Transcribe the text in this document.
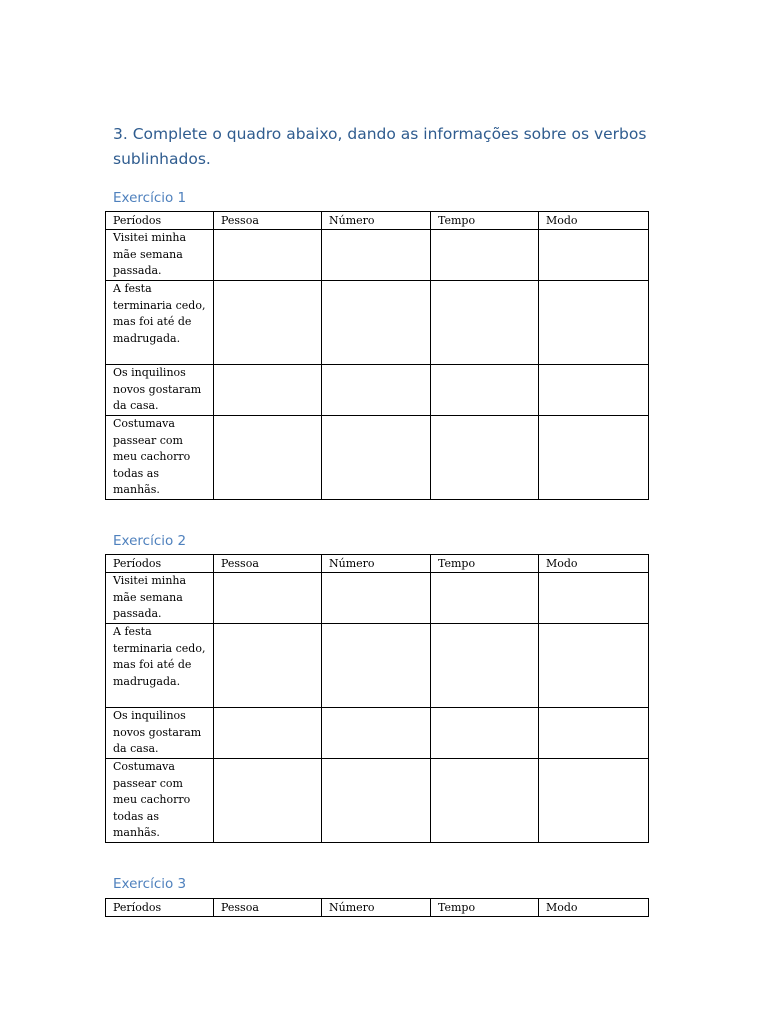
3. Complete o quadro abaixo, dando as informações sobre os verbos sublinhados.
Exercício 1
Períodos	Pessoa	Número	Tempo	Modo
Visitei minha mãe semana passada.				
A festa terminaria cedo, mas foi até de madrugada.				
Os inquilinos novos gostaram da casa.				
Costumava passear com meu cachorro todas as manhãs.				
Exercício 2
Períodos	Pessoa	Número	Tempo	Modo
Visitei minha mãe semana passada.				
A festa terminaria cedo, mas foi até de madrugada.				
Os inquilinos novos gostaram da casa.				
Costumava passear com meu cachorro todas as manhãs.				
Exercício 3
Períodos	Pessoa	Número	Tempo	Modo
